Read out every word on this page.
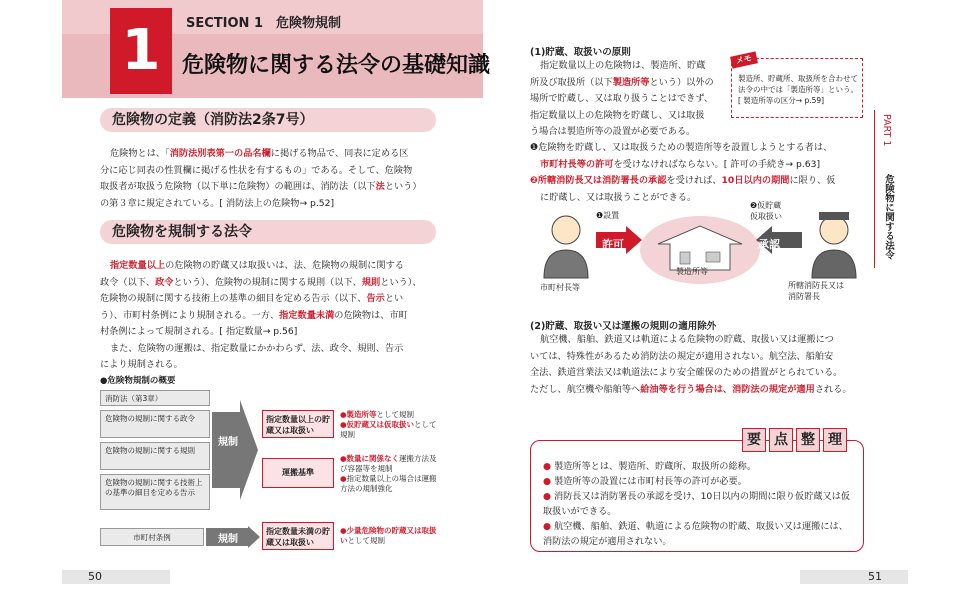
SECTION 1　危険物規制
1 危険物に関する法令の基礎知識
危険物の定義（消防法2条7号）
危険物とは、「消防法別表第一の品名欄に掲げる物品で、同表に定める区
分に応じ同表の性質欄に掲げる性状を有するもの」である。そして、危険物
取扱者が取扱う危険物（以下単に危険物）の範囲は、消防法（以下法という）
の第３章に規定されている。[ 消防法上の危険物→ p.52]
危険物を規制する法令
指定数量以上の危険物の貯蔵又は取扱いは、法、危険物の規制に関する
政令（以下、政令という）、危険物の規制に関する規則（以下、規則という）、
危険物の規制に関する技術上の基準の細目を定める告示（以下、告示とい
う）、市町村条例により規制される。一方、指定数量未満の危険物は、市町
村条例によって規制される。[ 指定数量→ p.56]
また、危険物の運搬は、指定数量にかかわらず、法、政令、規則、告示
により規制される。
●危険物規制の概要
消防法（第3章）
危険物の規制に関する政令
危険物の規制に関する規則
危険物の規制に関する技術上の基準の細目を定める告示
規制
指定数量以上の貯蔵又は取扱い
●製造所等として規制
●仮貯蔵又は仮取扱いとして規制
運搬基準
●数量に関係なく運搬方法及び容器等を規制
●指定数量以上の場合は運搬方法の規制強化
市町村条例	規制
指定数量未満の貯蔵又は取扱い
●少量危険物の貯蔵又は取扱いとして規制
50
(1)貯蔵、取扱いの原則
指定数量以上の危険物は、製造所、貯蔵
所及び取扱所（以下製造所等という）以外の
場所で貯蔵し、又は取り扱うことはできず、
指定数量以上の危険物を貯蔵し、又は取扱
う場合は製造所等の設置が必要である。
製造所、貯蔵所、取扱所を合わせて法令の中では「製造所等」という。[ 製造所等の区分→ p.59]
メモ
❶危険物を貯蔵し、又は取扱うための製造所等を設置しようとする者は、
市町村長等の許可を受けなければならない。[ 許可の手続き→ p.63]
❷所轄消防長又は消防署長の承認を受ければ、10日以内の期間に限り、仮
に貯蔵し、又は取扱うことができる。
❶設置
❷仮貯蔵
仮取扱い
許可	承認
製造所等
市町村長等	所轄消防長又は
消防署長
(2)貯蔵、取扱い又は運搬の規則の適用除外
航空機、船舶、鉄道又は軌道による危険物の貯蔵、取扱い又は運搬につ
いては、特殊性があるため消防法の規定が適用されない。航空法、船舶安
全法、鉄道営業法又は軌道法により安全確保のための措置がとられている。
ただし、航空機や船舶等へ給油等を行う場合は、消防法の規定が適用される。
● 製造所等とは、製造所、貯蔵所、取扱所の総称。
● 製造所等の設置には市町村長等の許可が必要。
● 消防長又は消防署長の承認を受け、10日以内の期間に限り仮貯蔵又は仮取扱いができる。
● 航空機、船舶、鉄道、軌道による危険物の貯蔵、取扱い又は運搬には、消防法の規定が適用されない。
要 点 整 理
PART 1
危険物に関する法令
51
